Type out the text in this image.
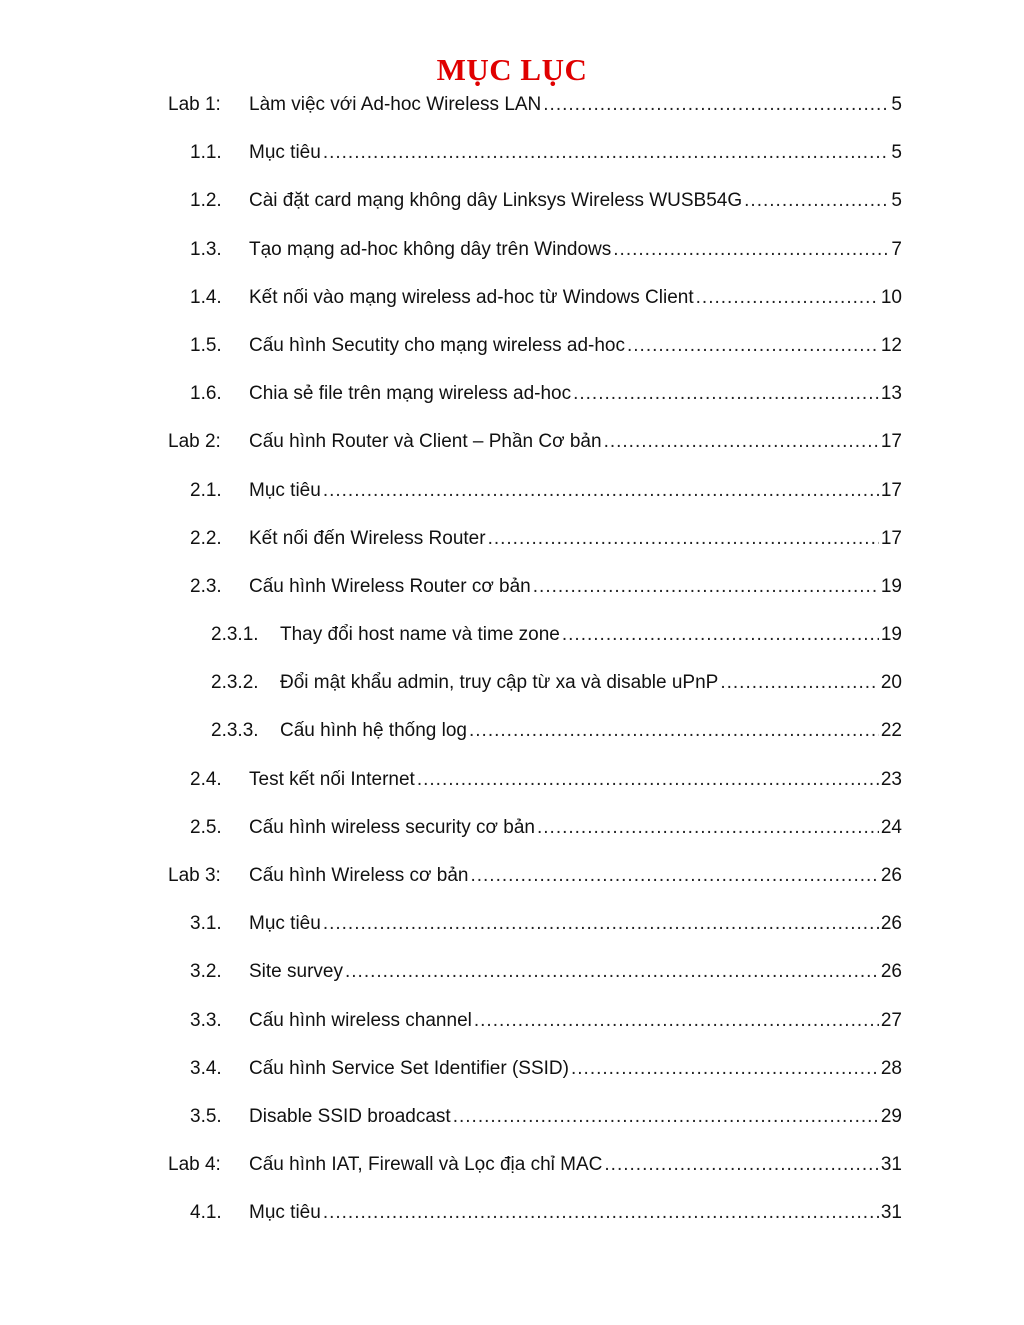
MỤC LỤC
Lab 1: Làm việc với Ad-hoc Wireless LAN .....	5
1.1. Mục tiêu .....	5
1.2. Cài đặt card mạng không dây Linksys Wireless WUSB54G .....	5
1.3. Tạo mạng ad-hoc không dây trên Windows .....	7
1.4. Kết nối vào mạng wireless ad-hoc từ Windows Client .....	10
1.5. Cấu hình Secutity cho mạng wireless ad-hoc .....	12
1.6. Chia sẻ file trên mạng wireless ad-hoc .....	13
Lab 2: Cấu hình Router và Client – Phần Cơ bản .....	17
2.1. Mục tiêu .....	17
2.2. Kết nối đến Wireless Router .....	17
2.3. Cấu hình Wireless Router cơ bản .....	19
2.3.1. Thay đổi host name và time zone .....	19
2.3.2. Đổi mật khẩu admin, truy cập từ xa và disable uPnP .....	20
2.3.3. Cấu hình hệ thống log .....	22
2.4. Test kết nối Internet .....	23
2.5. Cấu hình wireless security cơ bản .....	24
Lab 3: Cấu hình Wireless cơ bản .....	26
3.1. Mục tiêu .....	26
3.2. Site survey .....	26
3.3. Cấu hình wireless channel .....	27
3.4. Cấu hình Service Set Identifier (SSID) .....	28
3.5. Disable SSID broadcast .....	29
Lab 4: Cấu hình IAT, Firewall và Lọc địa chỉ MAC .....	31
4.1. Mục tiêu .....	31
